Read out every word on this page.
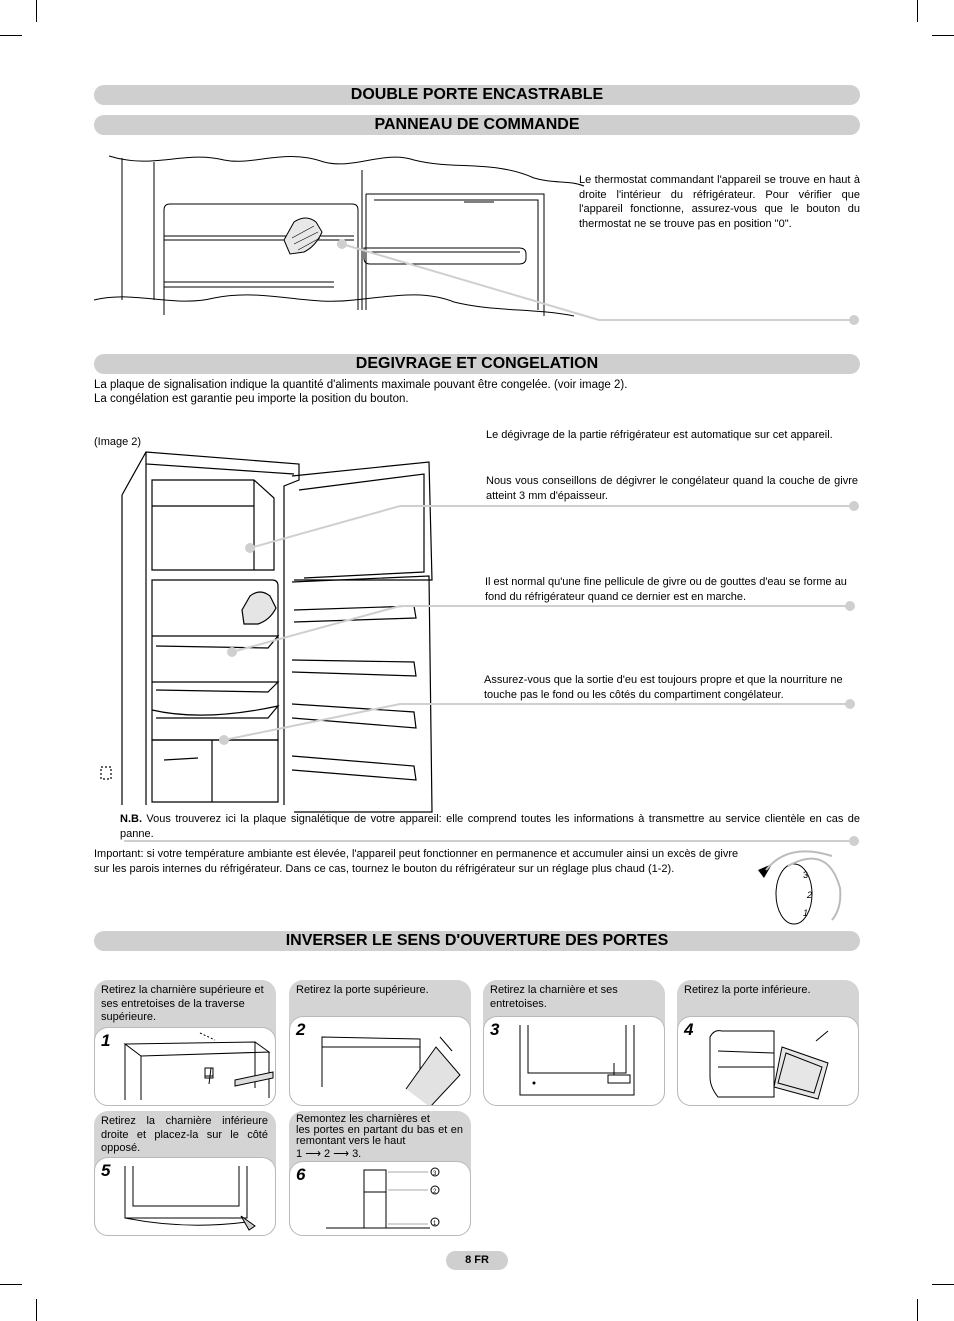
DOUBLE PORTE ENCASTRABLE
PANNEAU DE COMMANDE
Le thermostat commandant l'appareil se trouve en haut à droite l'intérieur du réfrigérateur. Pour vérifier que l'appareil fonctionne, assurez-vous que le bouton du thermostat ne se trouve pas en position "0".
DEGIVRAGE ET CONGELATION
La plaque de signalisation indique la quantité d'aliments maximale pouvant être congelée. (voir image 2).
La congélation est garantie peu importe la position du bouton.
(Image 2)
Le dégivrage de la partie réfrigérateur est automatique sur cet appareil.
Nous vous conseillons de dégivrer le congélateur quand la couche de givre atteint 3 mm d'épaisseur.
Il est normal qu'une fine pellicule de givre ou de gouttes d'eau se forme au fond du réfrigérateur quand ce dernier est en marche.
Assurez-vous que la sortie d'eu est toujours propre et que la nourriture ne touche pas le fond ou les côtés du compartiment congélateur.
N.B. Vous trouverez ici la plaque signalétique de votre appareil: elle comprend toutes les informations à transmettre au service clientèle en cas de panne.
Important: si votre température ambiante est élevée, l'appareil peut fonctionner en permanence et accumuler ainsi un excès de givre sur les parois internes du réfrigérateur. Dans ce cas, tournez le bouton du réfrigérateur sur un réglage plus chaud (1-2).
3
2
1
INVERSER LE SENS D'OUVERTURE DES PORTES
Retirez la charnière supérieure et ses entretoises de la traverse supérieure.
1
Retirez la porte supérieure.
2
Retirez la charnière et ses entretoises.
3
Retirez la porte inférieure.
4
Retirez la charnière inférieure droite et placez-la sur le côté opposé.
5
Remontez les charnières et
les portes en partant du bas et en remontant vers le haut
1 ⟶ 2 ⟶ 3.
6	3
2
1
8 FR
